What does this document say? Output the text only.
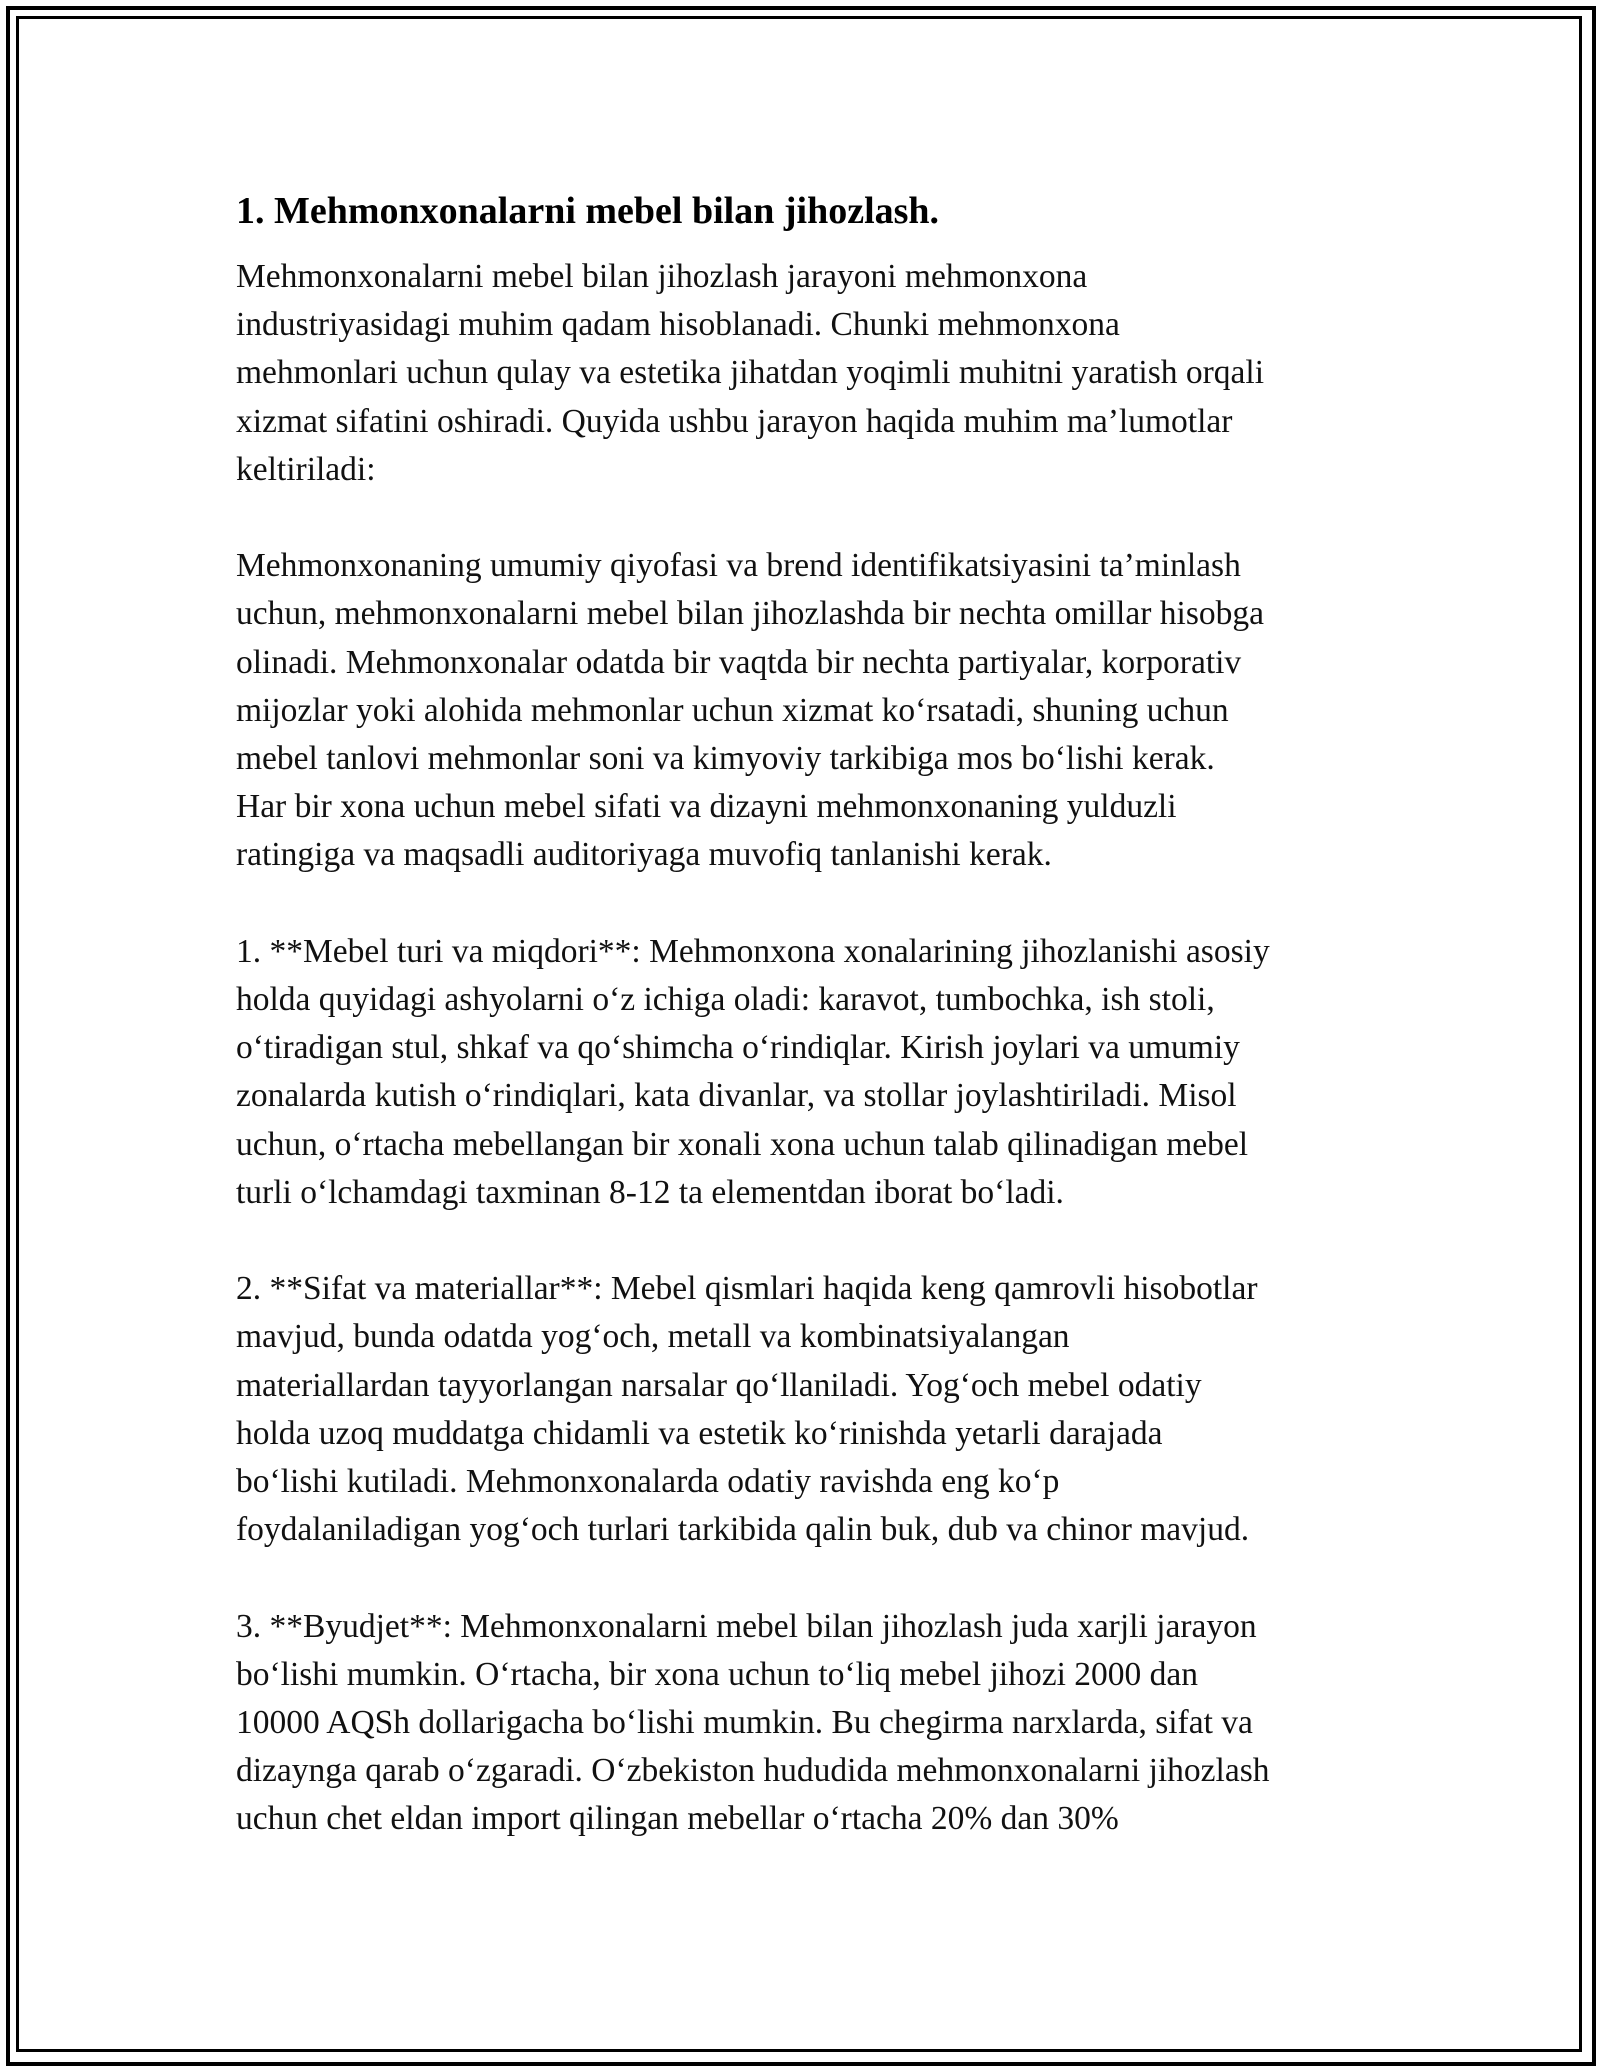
1. Mehmonxonalarni mebel bilan jihozlash.

Mehmonxonalarni mebel bilan jihozlash jarayoni mehmonxona
industriyasidagi muhim qadam hisoblanadi. Chunki mehmonxona
mehmonlari uchun qulay va estetika jihatdan yoqimli muhitni yaratish orqali
xizmat sifatini oshiradi. Quyida ushbu jarayon haqida muhim ma’lumotlar
keltiriladi:

Mehmonxonaning umumiy qiyofasi va brend identifikatsiyasini ta’minlash
uchun, mehmonxonalarni mebel bilan jihozlashda bir nechta omillar hisobga
olinadi. Mehmonxonalar odatda bir vaqtda bir nechta partiyalar, korporativ
mijozlar yoki alohida mehmonlar uchun xizmat ko‘rsatadi, shuning uchun
mebel tanlovi mehmonlar soni va kimyoviy tarkibiga mos bo‘lishi kerak.
Har bir xona uchun mebel sifati va dizayni mehmonxonaning yulduzli
ratingiga va maqsadli auditoriyaga muvofiq tanlanishi kerak.

1. **Mebel turi va miqdori**: Mehmonxona xonalarining jihozlanishi asosiy
holda quyidagi ashyolarni o‘z ichiga oladi: karavot, tumbochka, ish stoli,
o‘tiradigan stul, shkaf va qo‘shimcha o‘rindiqlar. Kirish joylari va umumiy
zonalarda kutish o‘rindiqlari, kata divanlar, va stollar joylashtiriladi. Misol
uchun, o‘rtacha mebellangan bir xonali xona uchun talab qilinadigan mebel
turli o‘lchamdagi taxminan 8-12 ta elementdan iborat bo‘ladi.

2. **Sifat va materiallar**: Mebel qismlari haqida keng qamrovli hisobotlar
mavjud, bunda odatda yog‘och, metall va kombinatsiyalangan
materiallardan tayyorlangan narsalar qo‘llaniladi. Yog‘och mebel odatiy
holda uzoq muddatga chidamli va estetik ko‘rinishda yetarli darajada
bo‘lishi kutiladi. Mehmonxonalarda odatiy ravishda eng ko‘p
foydalaniladigan yog‘och turlari tarkibida qalin buk, dub va chinor mavjud.

3. **Byudjet**: Mehmonxonalarni mebel bilan jihozlash juda xarjli jarayon
bo‘lishi mumkin. O‘rtacha, bir xona uchun to‘liq mebel jihozi 2000 dan
10000 AQSh dollarigacha bo‘lishi mumkin. Bu chegirma narxlarda, sifat va
dizaynga qarab o‘zgaradi. O‘zbekiston hududida mehmonxonalarni jihozlash
uchun chet eldan import qilingan mebellar o‘rtacha 20% dan 30%
